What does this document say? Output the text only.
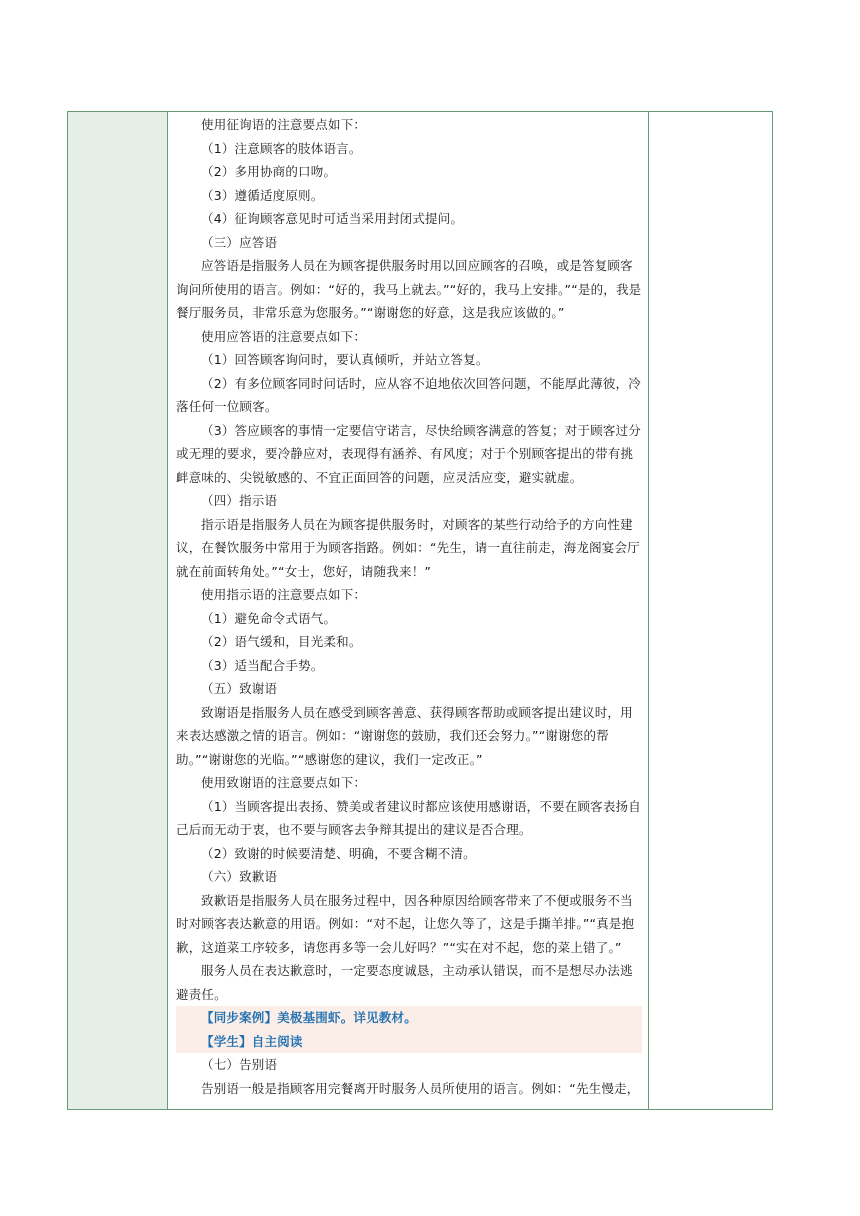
使用征询语的注意要点如下：

（1）注意顾客的肢体语言。

（2）多用协商的口吻。

（3）遵循适度原则。

（4）征询顾客意见时可适当采用封闭式提问。

（三）应答语

应答语是指服务人员在为顾客提供服务时用以回应顾客的召唤，或是答复顾客询问所使用的语言。例如：“好的，我马上就去。”“好的，我马上安排。”“是的，我是餐厅服务员，非常乐意为您服务。”“谢谢您的好意，这是我应该做的。”

使用应答语的注意要点如下：

（1）回答顾客询问时，要认真倾听，并站立答复。

（2）有多位顾客同时问话时，应从容不迫地依次回答问题，不能厚此薄彼，冷落任何一位顾客。

（3）答应顾客的事情一定要信守诺言，尽快给顾客满意的答复；对于顾客过分或无理的要求，要冷静应对，表现得有涵养、有风度；对于个别顾客提出的带有挑衅意味的、尖锐敏感的、不宜正面回答的问题，应灵活应变，避实就虚。

（四）指示语

指示语是指服务人员在为顾客提供服务时，对顾客的某些行动给予的方向性建议，在餐饮服务中常用于为顾客指路。例如：“先生，请一直往前走，海龙阁宴会厅就在前面转角处。”“女士，您好，请随我来！”

使用指示语的注意要点如下：

（1）避免命令式语气。

（2）语气缓和，目光柔和。

（3）适当配合手势。

（五）致谢语

致谢语是指服务人员在感受到顾客善意、获得顾客帮助或顾客提出建议时，用来表达感激之情的语言。例如：“谢谢您的鼓励，我们还会努力。”“谢谢您的帮助。”“谢谢您的光临。”“感谢您的建议，我们一定改正。”

使用致谢语的注意要点如下：

（1）当顾客提出表扬、赞美或者建议时都应该使用感谢语，不要在顾客表扬自己后而无动于衷，也不要与顾客去争辩其提出的建议是否合理。

（2）致谢的时候要清楚、明确，不要含糊不清。

（六）致歉语

致歉语是指服务人员在服务过程中，因各种原因给顾客带来了不便或服务不当时对顾客表达歉意的用语。例如：“对不起，让您久等了，这是手撕羊排。”“真是抱歉，这道菜工序较多，请您再多等一会儿好吗？”“实在对不起，您的菜上错了。”

服务人员在表达歉意时，一定要态度诚恳，主动承认错误，而不是想尽办法逃避责任。

【同步案例】美极基围虾。详见教材。

【学生】自主阅读

（七）告别语

告别语一般是指顾客用完餐离开时服务人员所使用的语言。例如：“先生慢走，
